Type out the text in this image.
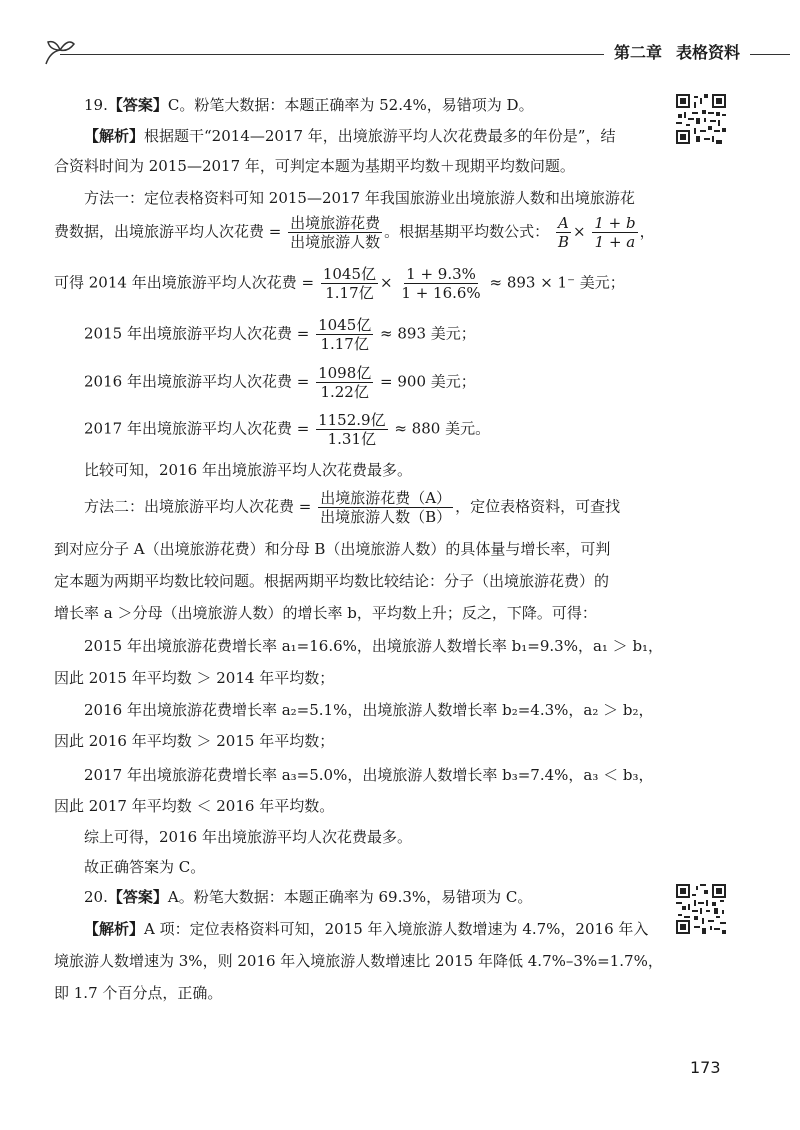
第二章 表格资料
19.【答案】C。粉笔大数据：本题正确率为 52.4%，易错项为 D。
【解析】根据题干“2014—2017 年，出境旅游平均人次花费最多的年份是”，结
合资料时间为 2015—2017 年，可判定本题为基期平均数＋现期平均数问题。
方法一：定位表格资料可知 2015—2017 年我国旅游业出境旅游人数和出境旅游花
费数据，出境旅游平均人次花费 = $\frac{\text{出境旅游花费}}{\text{出境旅游人数}}$ 。根据基期平均数公式： $\frac{A}{B} \times \frac{1 + b}{1 + a}$ ，
可得 2014 年出境旅游平均人次花费 = $\frac{\text{1045亿}}{\text{1.17亿}} \times \frac{1 + 9.3\%}{1 + 16.6\%} \approx 893 \times 1^-$ 美元；
2015 年出境旅游平均人次花费 = $\frac{\text{1045亿}}{\text{1.17亿}} \approx 893$ 美元；
2016 年出境旅游平均人次花费 = $\frac{\text{1098亿}}{\text{1.22亿}} = 900$ 美元；
2017 年出境旅游平均人次花费 = $\frac{\text{1152.9亿}}{\text{1.31亿}} \approx 880$ 美元。
比较可知，2016 年出境旅游平均人次花费最多。
方法二：出境旅游平均人次花费 = $\frac{\text{出境旅游花费（A）}}{\text{出境旅游人数（B）}}$ ，定位表格资料，可查找
到对应分子 A（出境旅游花费）和分母 B（出境旅游人数）的具体量与增长率，可判
定本题为两期平均数比较问题。根据两期平均数比较结论：分子（出境旅游花费）的
增长率 a ＞分母（出境旅游人数）的增长率 b，平均数上升；反之，下降。可得：
2015 年出境旅游花费增长率 a₁=16.6%，出境旅游人数增长率 b₁=9.3%，a₁ ＞ b₁，
因此 2015 年平均数 ＞ 2014 年平均数；
2016 年出境旅游花费增长率 a₂=5.1%，出境旅游人数增长率 b₂=4.3%，a₂ ＞ b₂，
因此 2016 年平均数 ＞ 2015 年平均数；
2017 年出境旅游花费增长率 a₃=5.0%，出境旅游人数增长率 b₃=7.4%，a₃ ＜ b₃，
因此 2017 年平均数 ＜ 2016 年平均数。
综上可得，2016 年出境旅游平均人次花费最多。
故正确答案为 C。
20.【答案】A。粉笔大数据：本题正确率为 69.3%，易错项为 C。
【解析】A 项：定位表格资料可知，2015 年入境旅游人数增速为 4.7%，2016 年入
境旅游人数增速为 3%，则 2016 年入境旅游人数增速比 2015 年降低 4.7%–3%=1.7%，
即 1.7 个百分点，正确。
173
